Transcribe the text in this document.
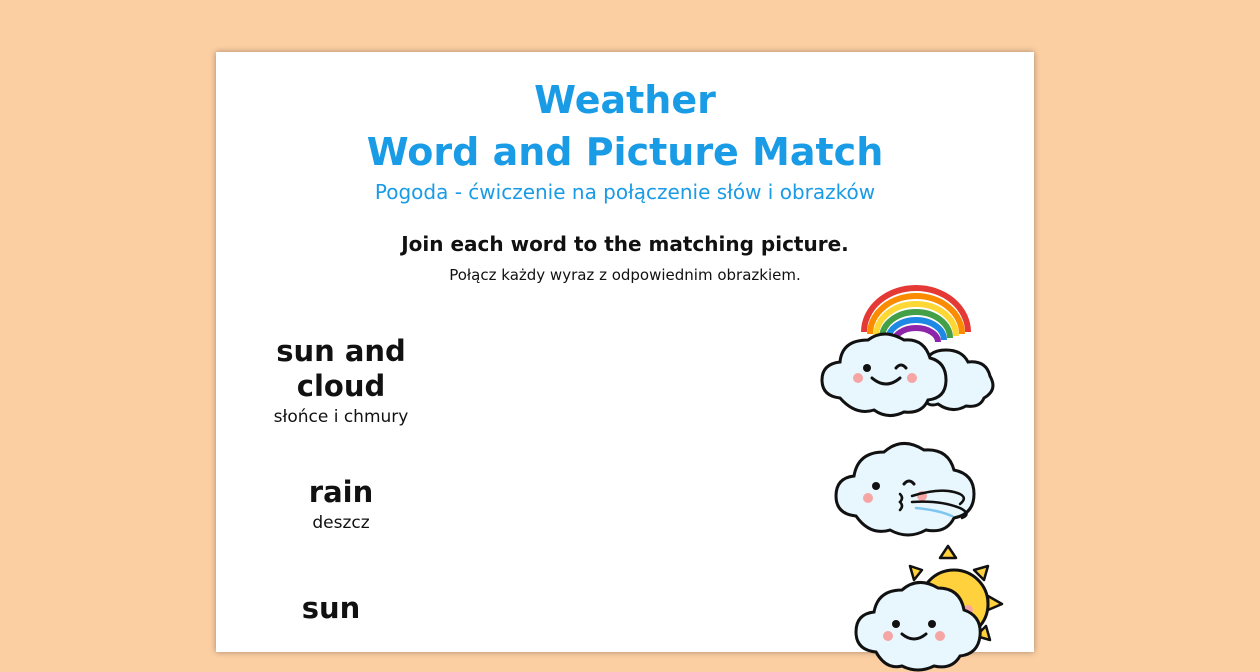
Weather
Word and Picture Match
Pogoda - ćwiczenie na połączenie słów i obrazków
Join each word to the matching picture.
Połącz każdy wyraz z odpowiednim obrazkiem.
sun and cloud
słońce i chmury
rain
deszcz
sun
